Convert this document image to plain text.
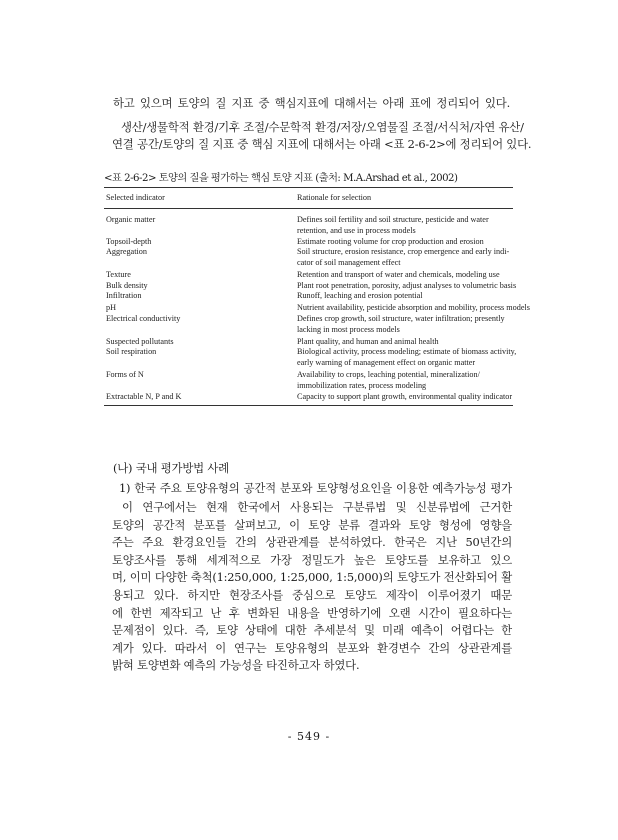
하고 있으며 토양의 질 지표 중 핵심지표에 대해서는 아래 표에 정리되어 있다.
생산/생물학적 환경/기후 조절/수문학적 환경/저장/오염물질 조절/서식처/자연 유산/
연결 공간/토양의 질 지표 중 핵심 지표에 대해서는 아래 <표 2-6-2>에 정리되어 있다.
<표 2-6-2> 토양의 질을 평가하는 핵심 토양 지표 (출처: M.A.Arshad et al., 2002)
Selected indicator	Rationale for selection
Organic matter	Defines soil fertility and soil structure, pesticide and water
retention, and use in process models
Topsoil-depth	Estimate rooting volume for crop production and erosion
Aggregation	Soil structure, erosion resistance, crop emergence and early indi-
cator of soil management effect
Texture	Retention and transport of water and chemicals, modeling use
Bulk density	Plant root penetration, porosity, adjust analyses to volumetric basis
Infiltration	Runoff, leaching and erosion potential
pH	Nutrient availability, pesticide absorption and mobility, process models
Electrical conductivity	Defines crop growth, soil structure, water infiltration; presently
lacking in most process models
Suspected pollutants	Plant quality, and human and animal health
Soil respiration	Biological activity, process modeling; estimate of biomass activity,
early warning of management effect on organic matter
Forms of N	Availability to crops, leaching potential, mineralization/
immobilization rates, process modeling
Extractable N, P and K	Capacity to support plant growth, environmental quality indicator
(나) 국내 평가방법 사례
1) 한국 주요 토양유형의 공간적 분포와 토양형성요인을 이용한 예측가능성 평가
이 연구에서는 현재 한국에서 사용되는 구분류법 및 신분류법에 근거한
토양의 공간적 분포를 살펴보고, 이 토양 분류 결과와 토양 형성에 영향을
주는 주요 환경요인들 간의 상관관계를 분석하였다. 한국은 지난 50년간의
토양조사를 통해 세계적으로 가장 정밀도가 높은 토양도를 보유하고 있으
며, 이미 다양한 축척(1:250,000, 1:25,000, 1:5,000)의 토양도가 전산화되어 활
용되고 있다. 하지만 현장조사를 중심으로 토양도 제작이 이루어졌기 때문
에 한번 제작되고 난 후 변화된 내용을 반영하기에 오랜 시간이 필요하다는
문제점이 있다. 즉, 토양 상태에 대한 추세분석 및 미래 예측이 어렵다는 한
계가 있다. 따라서 이 연구는 토양유형의 분포와 환경변수 간의 상관관계를
밝혀 토양변화 예측의 가능성을 타진하고자 하였다.
- 549 -
